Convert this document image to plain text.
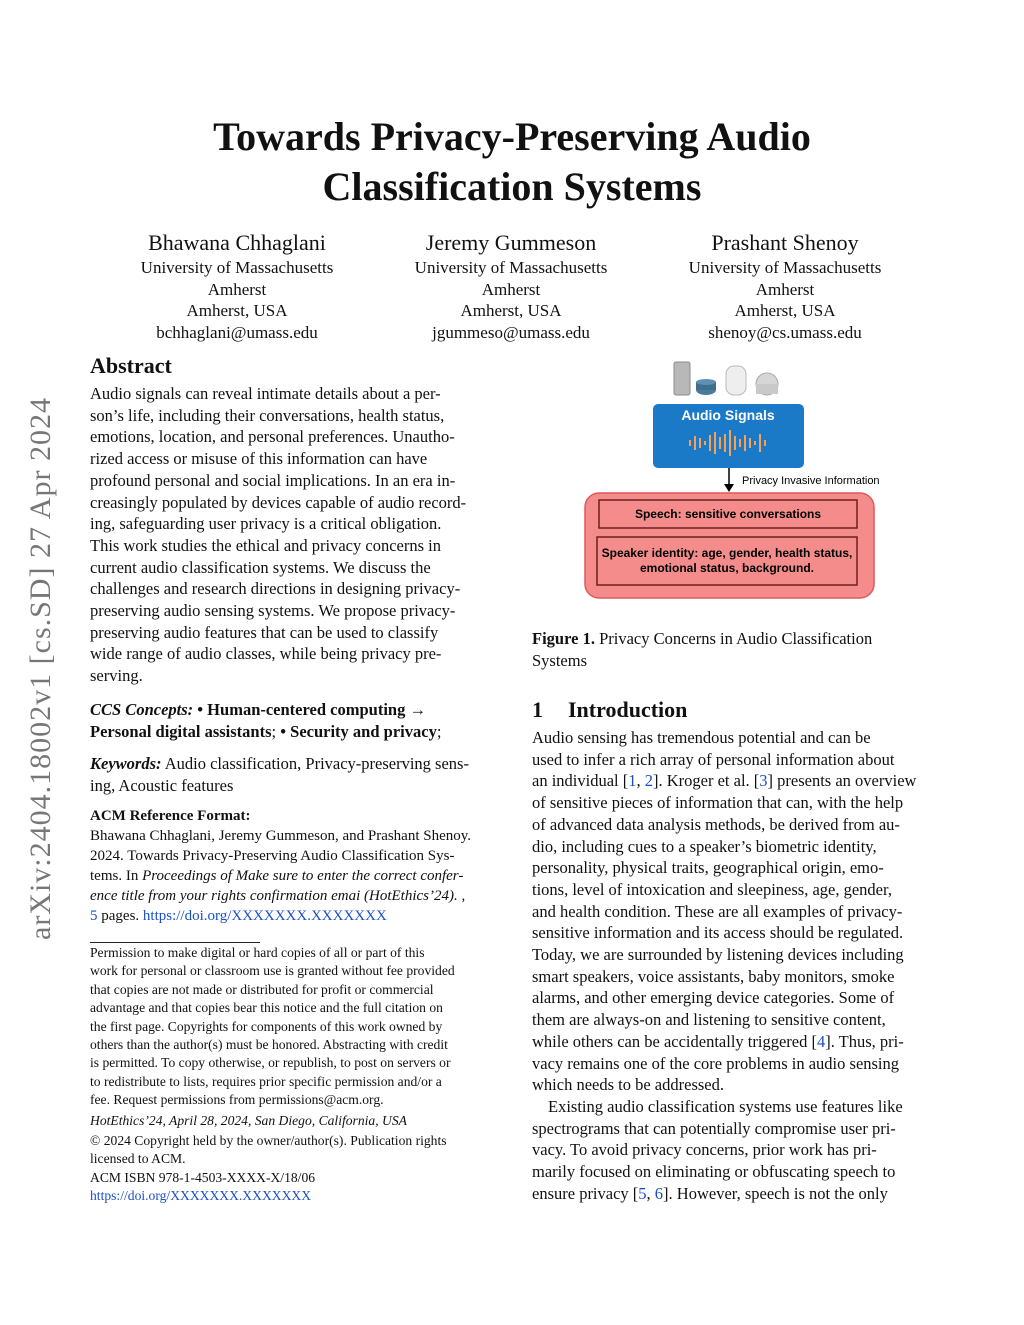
Towards Privacy-Preserving Audio
Classification Systems
Bhawana Chhaglani
University of Massachusetts
Amherst
Amherst, USA
bchhaglani@umass.edu
Jeremy Gummeson
University of Massachusetts
Amherst
Amherst, USA
jgummeso@umass.edu
Prashant Shenoy
University of Massachusetts
Amherst
Amherst, USA
shenoy@cs.umass.edu
arXiv:2404.18002v1 [cs.SD] 27 Apr 2024
Abstract
Audio signals can reveal intimate details about a per-
son’s life, including their conversations, health status,
emotions, location, and personal preferences. Unautho-
rized access or misuse of this information can have
profound personal and social implications. In an era in-
creasingly populated by devices capable of audio record-
ing, safeguarding user privacy is a critical obligation.
This work studies the ethical and privacy concerns in
current audio classification systems. We discuss the
challenges and research directions in designing privacy-
preserving audio sensing systems. We propose privacy-
preserving audio features that can be used to classify
wide range of audio classes, while being privacy pre-
serving.
CCS Concepts: • Human-centered computing →
Personal digital assistants; • Security and privacy;
Keywords: Audio classification, Privacy-preserving sens-
ing, Acoustic features
ACM Reference Format:
Bhawana Chhaglani, Jeremy Gummeson, and Prashant Shenoy.
2024. Towards Privacy-Preserving Audio Classification Sys-
tems. In Proceedings of Make sure to enter the correct confer-
ence title from your rights confirmation emai (HotEthics’24). ,
5 pages. https://doi.org/XXXXXXX.XXXXXXX
Permission to make digital or hard copies of all or part of this
work for personal or classroom use is granted without fee provided
that copies are not made or distributed for profit or commercial
advantage and that copies bear this notice and the full citation on
the first page. Copyrights for components of this work owned by
others than the author(s) must be honored. Abstracting with credit
is permitted. To copy otherwise, or republish, to post on servers or
to redistribute to lists, requires prior specific permission and/or a
fee. Request permissions from permissions@acm.org.
HotEthics’24, April 28, 2024, San Diego, California, USA
© 2024 Copyright held by the owner/author(s). Publication rights
licensed to ACM.
ACM ISBN 978-1-4503-XXXX-X/18/06
https://doi.org/XXXXXXX.XXXXXXX
Audio Signals
Privacy Invasive Information
Speech: sensitive conversations
Speaker identity: age, gender, health status,
emotional status, background.
Figure 1. Privacy Concerns in Audio Classification
Systems
1 Introduction
Audio sensing has tremendous potential and can be
used to infer a rich array of personal information about
an individual [1, 2]. Kroger et al. [3] presents an overview
of sensitive pieces of information that can, with the help
of advanced data analysis methods, be derived from au-
dio, including cues to a speaker’s biometric identity,
personality, physical traits, geographical origin, emo-
tions, level of intoxication and sleepiness, age, gender,
and health condition. These are all examples of privacy-
sensitive information and its access should be regulated.
Today, we are surrounded by listening devices including
smart speakers, voice assistants, baby monitors, smoke
alarms, and other emerging device categories. Some of
them are always-on and listening to sensitive content,
while others can be accidentally triggered [4]. Thus, pri-
vacy remains one of the core problems in audio sensing
which needs to be addressed.
Existing audio classification systems use features like
spectrograms that can potentially compromise user pri-
vacy. To avoid privacy concerns, prior work has pri-
marily focused on eliminating or obfuscating speech to
ensure privacy [5, 6]. However, speech is not the only
